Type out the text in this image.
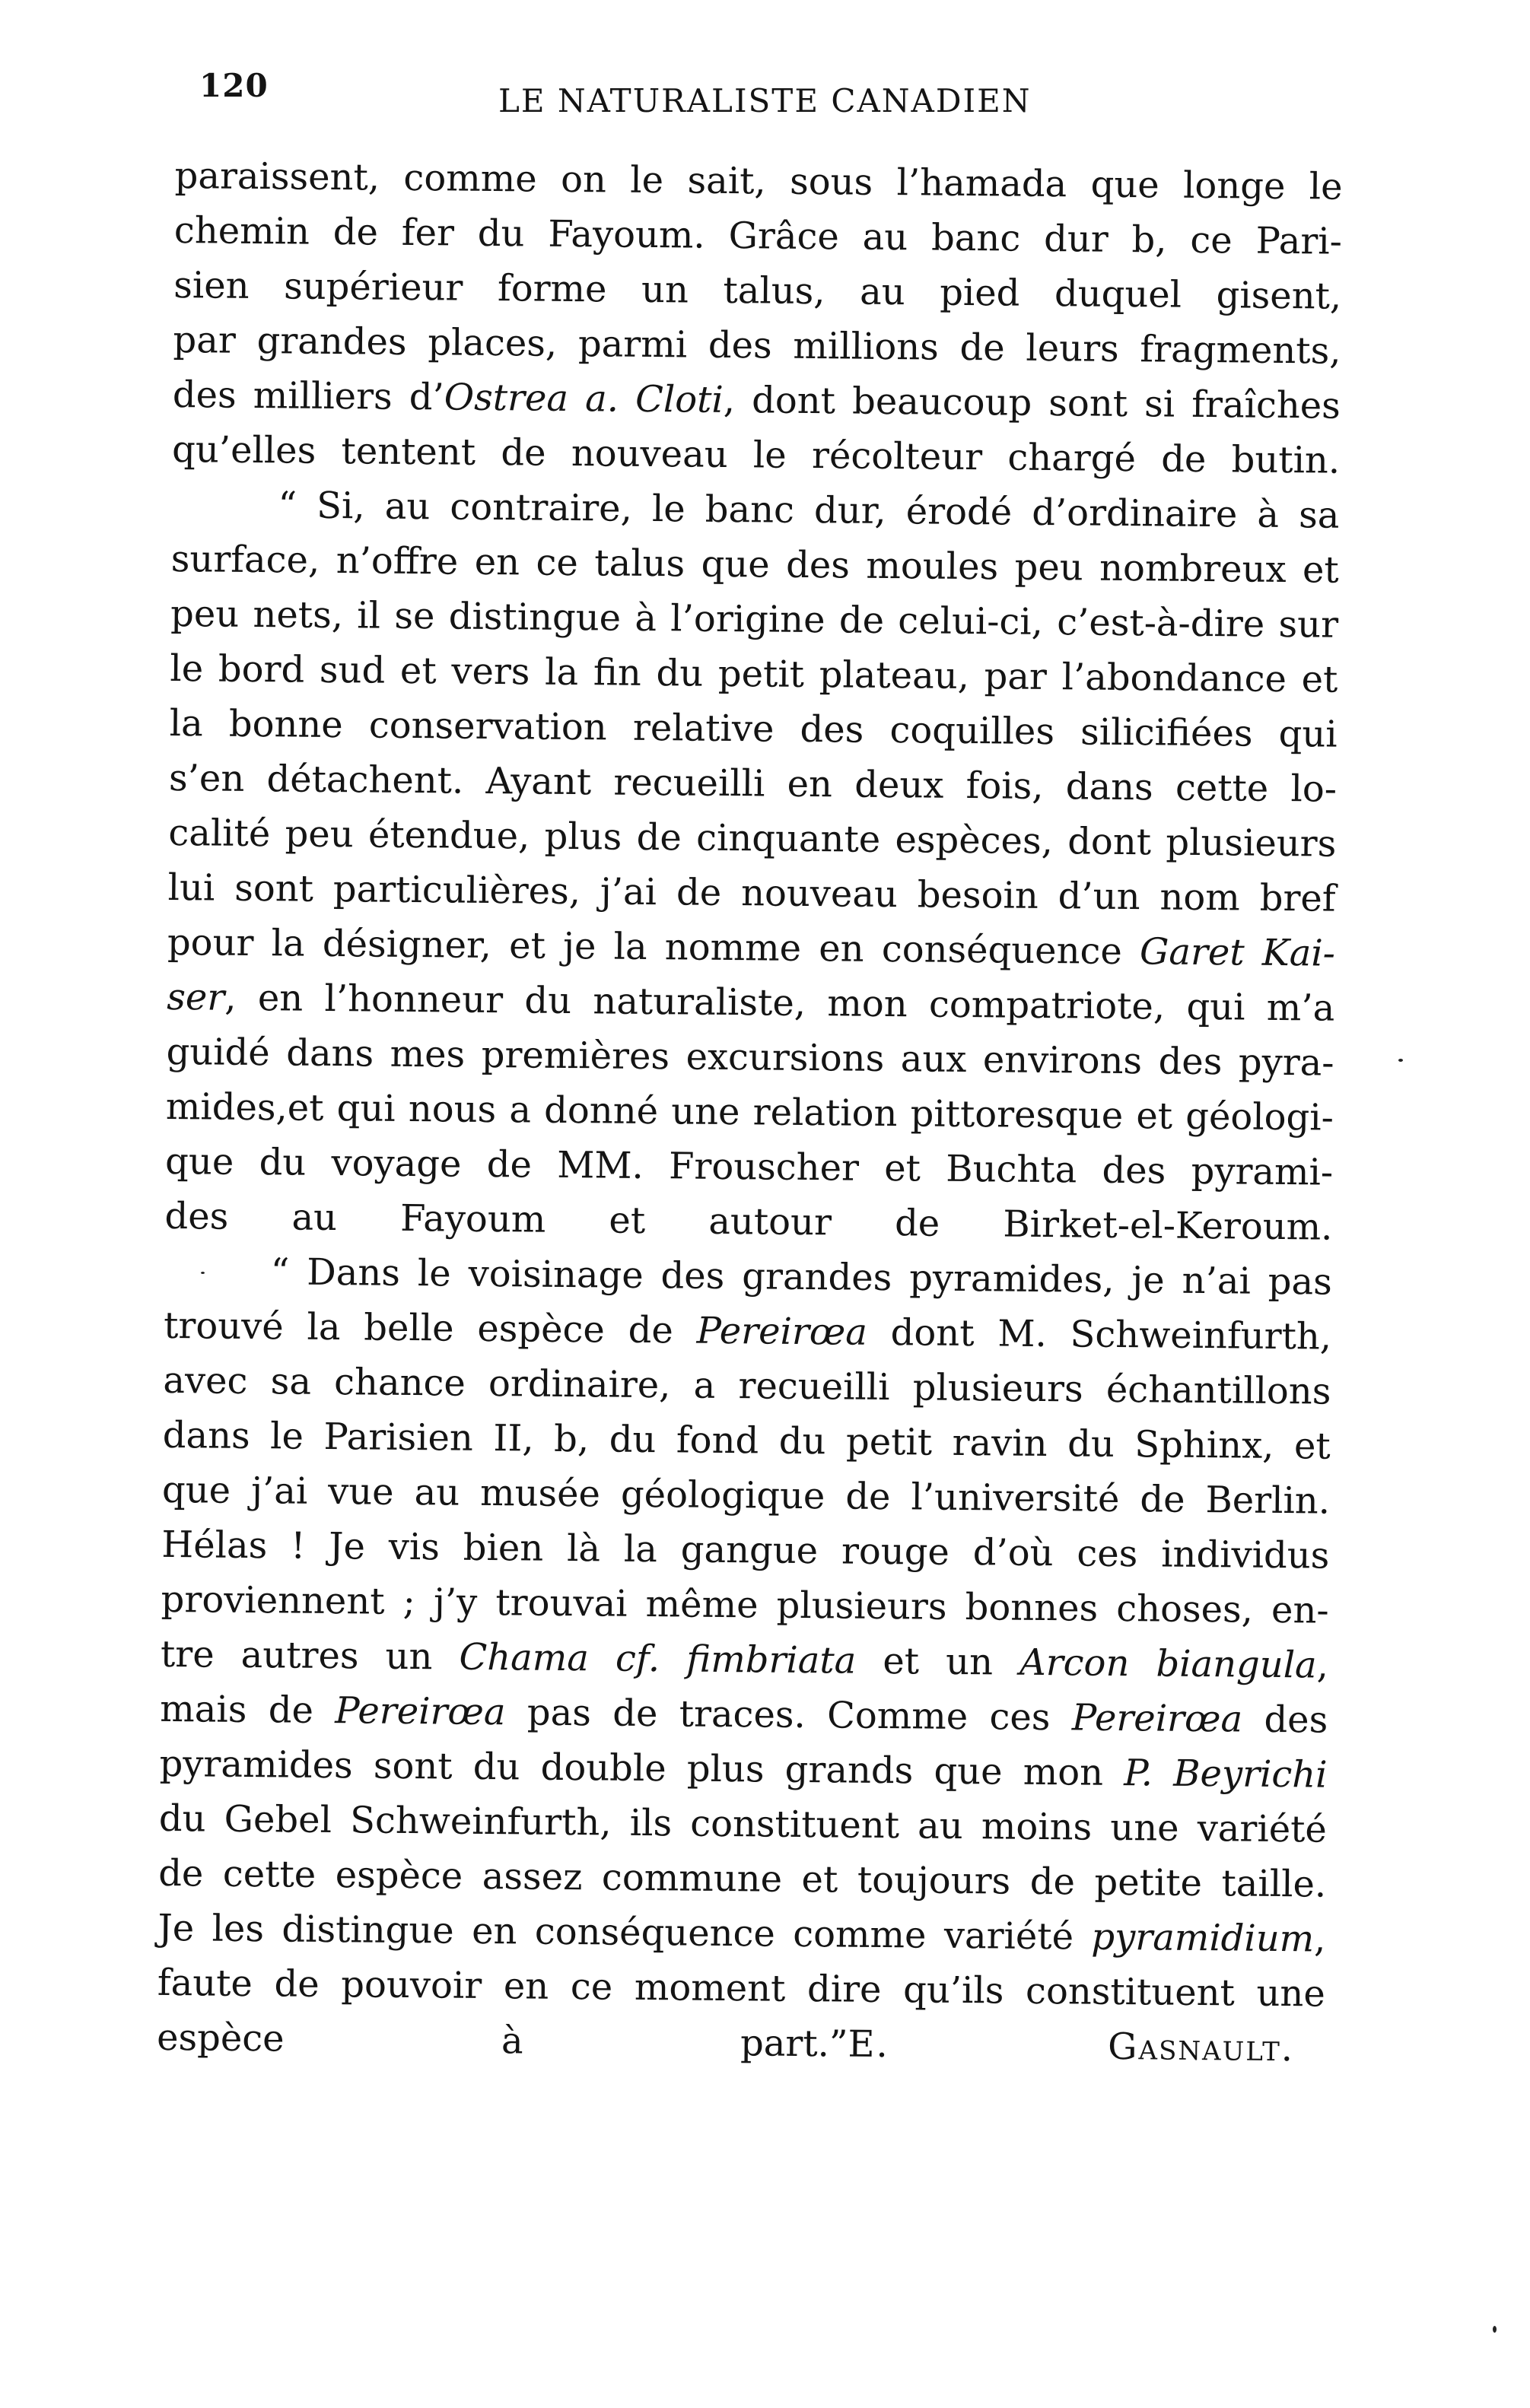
120	LE NATURALISTE CANADIEN
paraissent, comme on le sait, sous l’hamada que longe le
chemin de fer du Fayoum. Grâce au banc dur b, ce Pari-
sien supérieur forme un talus, au pied duquel gisent,
par grandes places, parmi des millions de leurs fragments,
des milliers d’Ostrea a. Cloti, dont beaucoup sont si fraîches
qu’elles tentent de nouveau le récolteur chargé de butin.
“ Si, au contraire, le banc dur, érodé d’ordinaire à sa
surface, n’offre en ce talus que des moules peu nombreux et
peu nets, il se distingue à l’origine de celui-ci, c’est-à-dire sur
le bord sud et vers la fin du petit plateau, par l’abondance et
la bonne conservation relative des coquilles silicifiées qui
s’en détachent. Ayant recueilli en deux fois, dans cette lo-
calité peu étendue, plus de cinquante espèces, dont plusieurs
lui sont particulières, j’ai de nouveau besoin d’un nom bref
pour la désigner, et je la nomme en conséquence Garet Kai-
ser, en l’honneur du naturaliste, mon compatriote, qui m’a
guidé dans mes premières excursions aux environs des pyra-
mides,et qui nous a donné une relation pittoresque et géologi-
que du voyage de MM. Frouscher et Buchta des pyrami-
des au Fayoum et autour de Birket-el-Keroum.
“ Dans le voisinage des grandes pyramides, je n’ai pas
trouvé la belle espèce de Pereirœa dont M. Schweinfurth,
avec sa chance ordinaire, a recueilli plusieurs échantillons
dans le Parisien II, b, du fond du petit ravin du Sphinx, et
que j’ai vue au musée géologique de l’université de Berlin.
Hélas ! Je vis bien là la gangue rouge d’où ces individus
proviennent ; j’y trouvai même plusieurs bonnes choses, en-
tre autres un Chama cf. fimbriata et un Arcon biangula,
mais de Pereirœa pas de traces. Comme ces Pereirœa des
pyramides sont du double plus grands que mon P. Beyrichi
du Gebel Schweinfurth, ils constituent au moins une variété
de cette espèce assez commune et toujours de petite taille.
Je les distingue en conséquence comme variété pyramidium,
faute de pouvoir en ce moment dire qu’ils constituent une
espèce à part.”E. Gasnault.
